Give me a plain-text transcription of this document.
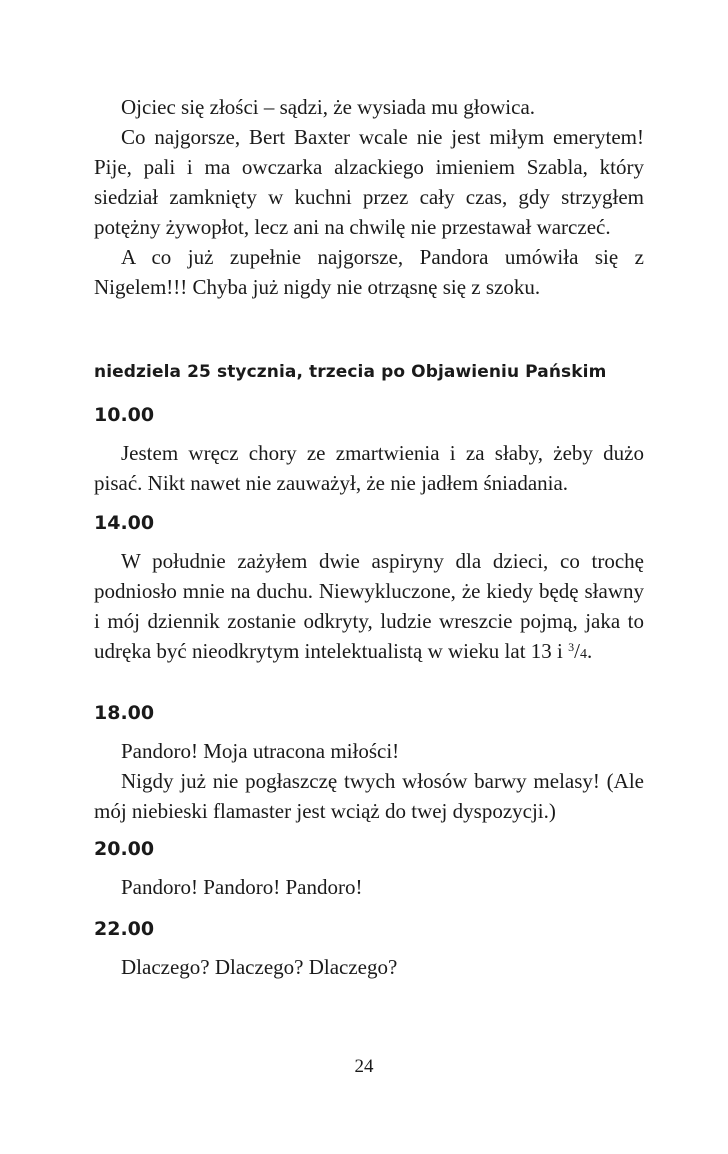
Ojciec się złości – sądzi, że wysiada mu głowica.

Co najgorsze, Bert Baxter wcale nie jest miłym emerytem! Pije, pali i ma owczarka alzackiego imieniem Szabla, który siedział zamknięty w kuchni przez cały czas, gdy strzygłem potężny żywopłot, lecz ani na chwilę nie przestawał warczeć.

A co już zupełnie najgorsze, Pandora umówiła się z Nigelem!!! Chyba już nigdy nie otrząsnę się z szoku.

niedziela 25 stycznia, trzecia po Objawieniu Pańskim

10.00

Jestem wręcz chory ze zmartwienia i za słaby, żeby dużo pisać. Nikt nawet nie zauważył, że nie jadłem śniadania.

14.00

W południe zażyłem dwie aspiryny dla dzieci, co trochę podniosło mnie na duchu. Niewykluczone, że kiedy będę sławny i mój dziennik zostanie odkryty, ludzie wreszcie pojmą, jaka to udręka być nieodkrytym intelektualistą w wieku lat 13 i $^3$/4.

18.00

Pandoro! Moja utracona miłości!

Nigdy już nie pogłaszczę twych włosów barwy melasy! (Ale mój niebieski flamaster jest wciąż do twej dyspozycji.)

20.00

Pandoro! Pandoro! Pandoro!

22.00

Dlaczego? Dlaczego? Dlaczego?

24
